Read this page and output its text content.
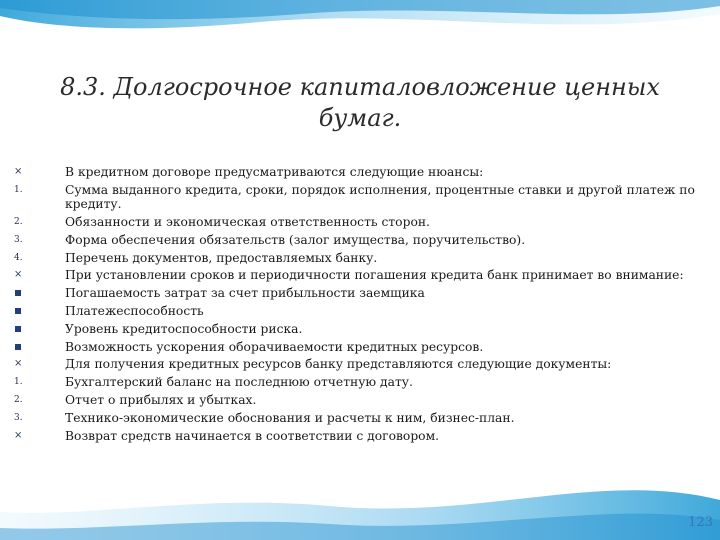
8.3. Долгосрочное капиталовложение ценных бумаг.
×	В кредитном договоре предусматриваются следующие нюансы:
1.	Сумма выданного кредита, сроки, порядок исполнения, процентные ставки и другой платеж по кредиту.
2.	Обязанности и экономическая ответственность сторон.
3.	Форма обеспечения обязательств (залог имущества, поручительство).
4.	Перечень документов, предоставляемых банку.
×	При установлении сроков и периодичности погашения кредита банк принимает во внимание:
Погашаемость затрат за счет прибыльности заемщика
Платежеспособность
Уровень кредитоспособности риска.
Возможность ускорения оборачиваемости кредитных ресурсов.
×	Для получения кредитных ресурсов банку представляются следующие документы:
1.	Бухгалтерский баланс на последнюю отчетную дату.
2.	Отчет о прибылях и убытках.
3.	Технико-экономические обоснования и расчеты к ним, бизнес-план.
×	Возврат средств начинается в соответствии с договором.
123
